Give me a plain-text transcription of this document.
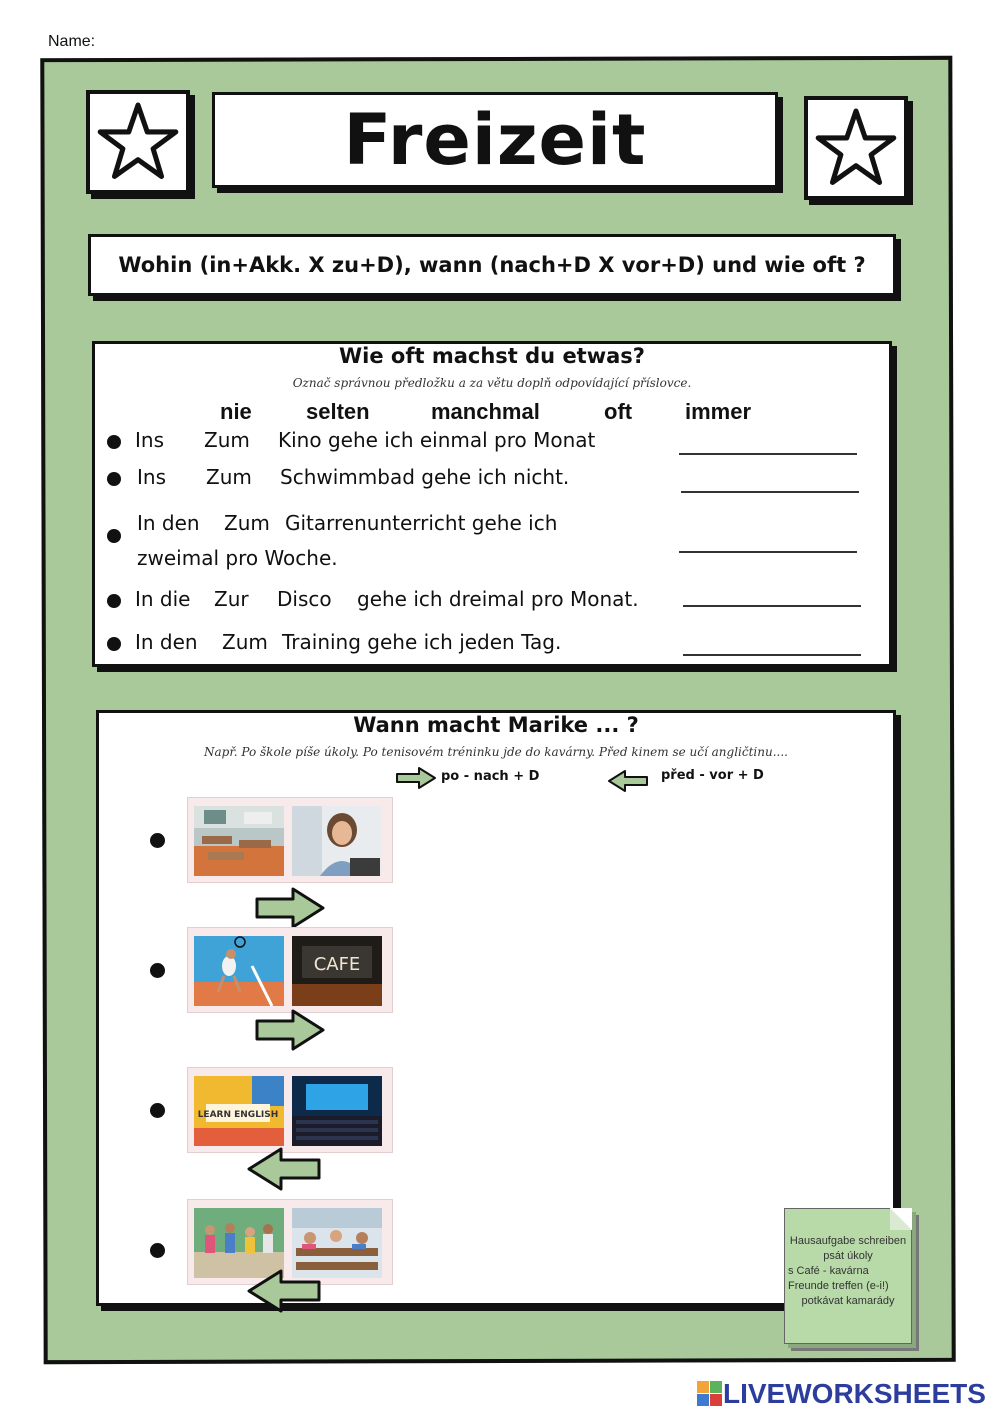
Name:
Freizeit
Wohin (in+Akk. X zu+D), wann (nach+D X vor+D) und wie oft ?
Wie oft machst du etwas?
Označ správnou předložku a za větu doplň odpovídající příslovce.
nie selten	manchmal	oft immer
Ins Zum Kino gehe ich einmal pro Monat
Ins Zum Schwimmbad gehe ich nicht.
In den Zum Gitarrenunterricht gehe ich
zweimal pro Woche.
In die Zur Disco gehe ich dreimal pro Monat.
In den Zum Training gehe ich jeden Tag.
Wann macht Marike ... ?
Např. Po škole píše úkoly. Po tenisovém tréninku jde do kavárny. Před kinem se učí angličtinu....
po - nach + D	před - vor + D
CAFE
LEARN ENGLISH
Hausaufgabe schreiben
psát úkoly
s Café - kavárna
Freunde treffen (e-i!)
potkávat kamarády
LIVEWORKSHEETS
